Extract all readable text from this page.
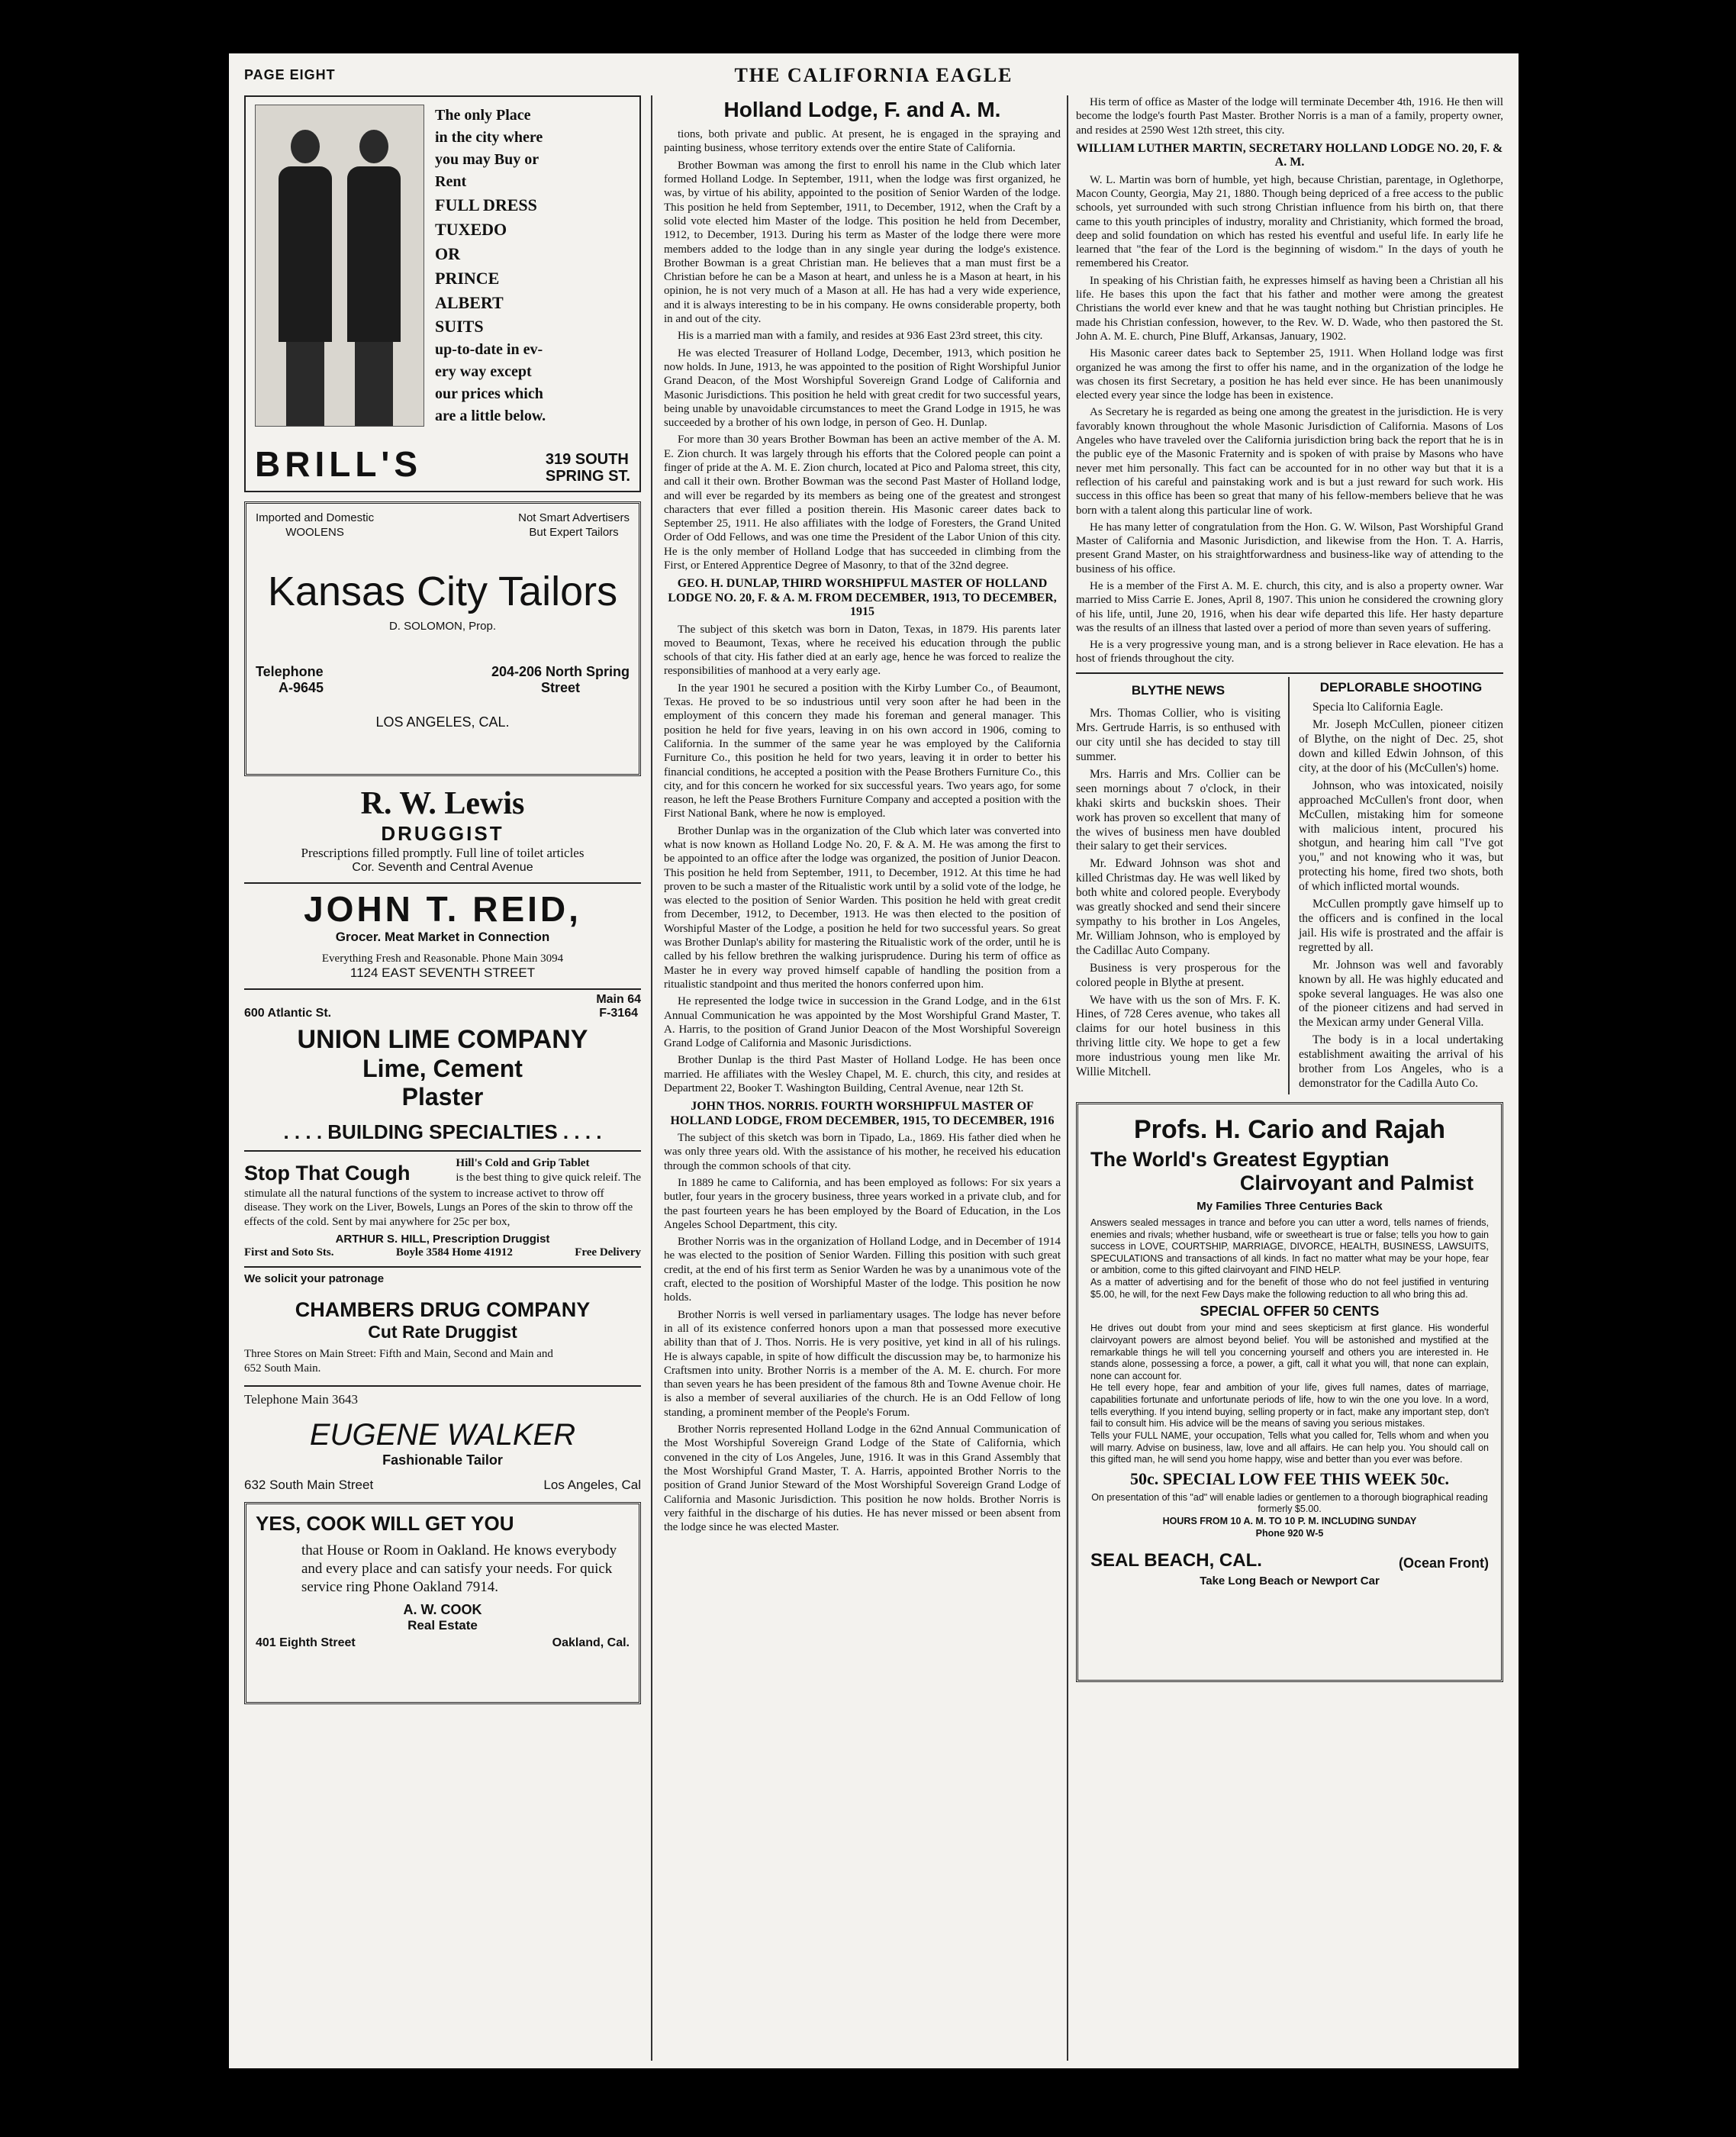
PAGE EIGHT	THE CALIFORNIA EAGLE
The only Place
in the city where
you may Buy or
Rent
FULL DRESS
TUXEDO
OR
PRINCE
ALBERT
SUITS
up-to-date in ev-
ery way except
our prices which
are a little below.
BRILL'S	319 SOUTH
SPRING ST.
Imported and Domestic
WOOLENS
Not Smart Advertisers
But Expert Tailors
Kansas City Tailors
D. SOLOMON, Prop.
Telephone
A-9645
204-206 North Spring
Street
LOS ANGELES, CAL.
R. W. Lewis
DRUGGIST
Prescriptions filled promptly. Full line of toilet articles
Cor. Seventh and Central Avenue
JOHN T. REID,
Grocer. Meat Market in Connection
Everything Fresh and Reasonable. Phone Main 3094
1124 EAST SEVENTH STREET
600 Atlantic St.
Main 64
F-3164
UNION LIME COMPANY
Lime, Cement
Plaster
. . . . BUILDING SPECIALTIES . . . .
Stop That Cough	Hill's Cold and Grip Tablet
is the best thing to give quick releif. The
stimulate all the natural functions of the system to increase activet to throw off disease. They work on the Liver, Bowels, Lungs an Pores of the skin to throw off the effects of the cold. Sent by mai anywhere for 25c per box,
ARTHUR S. HILL, Prescription Druggist
First and Soto Sts.	Boyle 3584 Home 41912	Free Delivery
We solicit your patronage
CHAMBERS DRUG COMPANY
Cut Rate Druggist
Three Stores on Main Street: Fifth and Main, Second and Main and
652 South Main.
Telephone Main 3643
EUGENE WALKER
Fashionable Tailor
632 South Main Street	Los Angeles, Cal
YES, COOK WILL GET YOU
that House or Room in Oakland. He knows everybody and every place and can satisfy your needs. For quick service ring Phone Oakland 7914.
A. W. COOK
Real Estate
401 Eighth Street	Oakland, Cal.
Holland Lodge, F. and A. M.

tions, both private and public. At present, he is engaged in the spraying and painting business, whose territory extends over the entire State of California.

Brother Bowman was among the first to enroll his name in the Club which later formed Holland Lodge. In September, 1911, when the lodge was first organized, he was, by virtue of his ability, appointed to the position of Senior Warden of the lodge. This position he held from September, 1911, to December, 1912, when the Craft by a solid vote elected him Master of the lodge. This position he held from December, 1912, to December, 1913. During his term as Master of the lodge there were more members added to the lodge than in any single year during the lodge's existence. Brother Bowman is a great Christian man. He believes that a man must first be a Christian before he can be a Mason at heart, and unless he is a Mason at heart, in his opinion, he is not very much of a Mason at all. He has had a very wide experience, and it is always interesting to be in his company. He owns considerable property, both in and out of the city.

His is a married man with a family, and resides at 936 East 23rd street, this city.

He was elected Treasurer of Holland Lodge, December, 1913, which position he now holds. In June, 1913, he was appointed to the position of Right Worshipful Junior Grand Deacon, of the Most Worshipful Sovereign Grand Lodge of California and Masonic Jurisdictions. This position he held with great credit for two successful years, being unable by unavoidable circumstances to meet the Grand Lodge in 1915, he was succeeded by a brother of his own lodge, in person of Geo. H. Dunlap.

For more than 30 years Brother Bowman has been an active member of the A. M. E. Zion church. It was largely through his efforts that the Colored people can point a finger of pride at the A. M. E. Zion church, located at Pico and Paloma street, this city, and call it their own. Brother Bowman was the second Past Master of Holland lodge, and will ever be regarded by its members as being one of the greatest and strongest characters that ever filled a position therein. His Masonic career dates back to September 25, 1911. He also affiliates with the lodge of Foresters, the Grand United Order of Odd Fellows, and was one time the President of the Labor Union of this city. He is the only member of Holland Lodge that has succeeded in climbing from the First, or Entered Apprentice Degree of Masonry, to that of the 32nd degree.

GEO. H. DUNLAP, THIRD WORSHIPFUL MASTER OF HOLLAND LODGE NO. 20, F. & A. M. FROM DECEMBER, 1913, TO DECEMBER, 1915

The subject of this sketch was born in Daton, Texas, in 1879. His parents later moved to Beaumont, Texas, where he received his education through the public schools of that city. His father died at an early age, hence he was forced to realize the responsibilities of manhood at a very early age.

In the year 1901 he secured a position with the Kirby Lumber Co., of Beaumont, Texas. He proved to be so industrious until very soon after he had been in the employment of this concern they made his foreman and general manager. This position he held for five years, leaving in on his own accord in 1906, coming to California. In the summer of the same year he was employed by the California Furniture Co., this position he held for two years, leaving it in order to better his financial conditions, he accepted a position with the Pease Brothers Furniture Co., this city, and for this concern he worked for six successful years. Two years ago, for some reason, he left the Pease Brothers Furniture Company and accepted a position with the First National Bank, where he now is employed.

Brother Dunlap was in the organization of the Club which later was converted into what is now known as Holland Lodge No. 20, F. & A. M. He was among the first to be appointed to an office after the lodge was organized, the position of Junior Deacon. This position he held from September, 1911, to December, 1912. At this time he had proven to be such a master of the Ritualistic work until by a solid vote of the lodge, he was elected to the position of Senior Warden. This position he held with great credit from December, 1912, to December, 1913. He was then elected to the position of Worshipful Master of the Lodge, a position he held for two successful years. So great was Brother Dunlap's ability for mastering the Ritualistic work of the order, until he is called by his fellow brethren the walking jurisprudence. During his term of office as Master he in every way proved himself capable of handling the position from a ritualistic standpoint and thus merited the honors conferred upon him.

He represented the lodge twice in succession in the Grand Lodge, and in the 61st Annual Communication he was appointed by the Most Worshipful Grand Master, T. A. Harris, to the position of Grand Junior Deacon of the Most Worshipful Sovereign Grand Lodge of California and Masonic Jurisdictions.

Brother Dunlap is the third Past Master of Holland Lodge. He has been once married. He affiliates with the Wesley Chapel, M. E. church, this city, and resides at Department 22, Booker T. Washington Building, Central Avenue, near 12th St.

JOHN THOS. NORRIS. FOURTH WORSHIPFUL MASTER OF HOLLAND LODGE, FROM DECEMBER, 1915, TO DECEMBER, 1916

The subject of this sketch was born in Tipado, La., 1869. His father died when he was only three years old. With the assistance of his mother, he received his education through the common schools of that city.

In 1889 he came to California, and has been employed as follows: For six years a butler, four years in the grocery business, three years worked in a private club, and for the past fourteen years he has been employed by the Board of Education, in the Los Angeles School Department, this city.

Brother Norris was in the organization of Holland Lodge, and in December of 1914 he was elected to the position of Senior Warden. Filling this position with such great credit, at the end of his first term as Senior Warden he was by a unanimous vote of the craft, elected to the position of Worshipful Master of the lodge. This position he now holds.

Brother Norris is well versed in parliamentary usages. The lodge has never before in all of its existence conferred honors upon a man that possessed more executive ability than that of J. Thos. Norris. He is very positive, yet kind in all of his rulings. He is always capable, in spite of how difficult the discussion may be, to harmonize his Craftsmen into unity. Brother Norris is a member of the A. M. E. church. For more than seven years he has been president of the famous 8th and Towne Avenue choir. He is also a member of several auxiliaries of the church. He is an Odd Fellow of long standing, a prominent member of the People's Forum.

Brother Norris represented Holland Lodge in the 62nd Annual Communication of the Most Worshipful Sovereign Grand Lodge of the State of California, which convened in the city of Los Angeles, June, 1916. It was in this Grand Assembly that the Most Worshipful Grand Master, T. A. Harris, appointed Brother Norris to the position of Grand Junior Steward of the Most Worshipful Sovereign Grand Lodge of California and Masonic Jurisdiction. This position he now holds. Brother Norris is very faithful in the discharge of his duties. He has never missed or been absent from the lodge since he was elected Master.

His term of office as Master of the lodge will terminate December 4th, 1916. He then will become the lodge's fourth Past Master. Brother Norris is a man of a family, property owner, and resides at 2590 West 12th street, this city.

WILLIAM LUTHER MARTIN, SECRETARY HOLLAND LODGE NO. 20, F. & A. M.

W. L. Martin was born of humble, yet high, because Christian, parentage, in Oglethorpe, Macon County, Georgia, May 21, 1880. Though being depriced of a free access to the public schools, yet surrounded with such strong Christian influence from his birth on, that there came to this youth principles of industry, morality and Christianity, which formed the broad, deep and solid foundation on which has rested his eventful and useful life. In early life he learned that "the fear of the Lord is the beginning of wisdom." In the days of youth he remembered his Creator.

In speaking of his Christian faith, he expresses himself as having been a Christian all his life. He bases this upon the fact that his father and mother were among the greatest Christians the world ever knew and that he was taught nothing but Christian principles. He made his Christian confession, however, to the Rev. W. D. Wade, who then pastored the St. John A. M. E. church, Pine Bluff, Arkansas, January, 1902.

His Masonic career dates back to September 25, 1911. When Holland lodge was first organized he was among the first to offer his name, and in the organization of the lodge he was chosen its first Secretary, a position he has held ever since. He has been unanimously elected every year since the lodge has been in existence.

As Secretary he is regarded as being one among the greatest in the jurisdiction. He is very favorably known throughout the whole Masonic Jurisdiction of California. Masons of Los Angeles who have traveled over the California jurisdiction bring back the report that he is in the public eye of the Masonic Fraternity and is spoken of with praise by Masons who have never met him personally. This fact can be accounted for in no other way but that it is a reflection of his careful and painstaking work and is but a just reward for such work. His success in this office has been so great that many of his fellow-members believe that he was born with a talent along this particular line of work.

He has many letter of congratulation from the Hon. G. W. Wilson, Past Worshipful Grand Master of California and Masonic Jurisdiction, and likewise from the Hon. T. A. Harris, present Grand Master, on his straightforwardness and business-like way of attending to the business of his office.

He is a member of the First A. M. E. church, this city, and is also a property owner. War married to Miss Carrie E. Jones, April 8, 1907. This union he considered the crowning glory of his life, until, June 20, 1916, when his dear wife departed this life. Her hasty departure was the results of an illness that lasted over a period of more than seven years of suffering.

He is a very progressive young man, and is a strong believer in Race elevation. He has a host of friends throughout the city.

BLYTHE NEWS

Mrs. Thomas Collier, who is visiting Mrs. Gertrude Harris, is so enthused with our city until she has decided to stay till summer.

Mrs. Harris and Mrs. Collier can be seen mornings about 7 o'clock, in their khaki skirts and buckskin shoes. Their work has proven so excellent that many of the wives of business men have doubled their salary to get their services.

Mr. Edward Johnson was shot and killed Christmas day. He was well liked by both white and colored people. Everybody was greatly shocked and send their sincere sympathy to his brother in Los Angeles, Mr. William Johnson, who is employed by the Cadillac Auto Company.

Business is very prosperous for the colored people in Blythe at present.

We have with us the son of Mrs. F. K. Hines, of 728 Ceres avenue, who takes all claims for our hotel business in this thriving little city. We hope to get a few more industrious young men like Mr. Willie Mitchell.

DEPLORABLE SHOOTING

Specia lto California Eagle.

Mr. Joseph McCullen, pioneer citizen of Blythe, on the night of Dec. 25, shot down and killed Edwin Johnson, of this city, at the door of his (McCullen's) home.

Johnson, who was intoxicated, noisily approached McCullen's front door, when McCullen, mistaking him for someone with malicious intent, procured his shotgun, and hearing him call "I've got you," and not knowing who it was, but protecting his home, fired two shots, both of which inflicted mortal wounds.

McCullen promptly gave himself up to the officers and is confined in the local jail. His wife is prostrated and the affair is regretted by all.

Mr. Johnson was well and favorably known by all. He was highly educated and spoke several languages. He was also one of the pioneer citizens and had served in the Mexican army under General Villa.

The body is in a local undertaking establishment awaiting the arrival of his brother from Los Angeles, who is a demonstrator for the Cadilla Auto Co.

Profs. H. Cario and Rajah
The World's Greatest Egyptian
Clairvoyant and Palmist
My Families Three Centuries Back
Answers sealed messages in trance and before you can utter a word, tells names of friends, enemies and rivals; whether husband, wife or sweetheart is true or false; tells you how to gain success in LOVE, COURTSHIP, MARRIAGE, DIVORCE, HEALTH, BUSINESS, LAWSUITS, SPECULATIONS and transactions of all kinds. In fact no matter what may be your hope, fear or ambition, come to this gifted clairvoyant and FIND HELP.
As a matter of advertising and for the benefit of those who do not feel justified in venturing $5.00, he will, for the next Few Days make the following reduction to all who bring this ad.
SPECIAL OFFER 50 CENTS
He drives out doubt from your mind and sees skepticism at first glance. His wonderful clairvoyant powers are almost beyond belief. You will be astonished and mystified at the remarkable things he will tell you concerning yourself and others you are interested in. He stands alone, possessing a force, a power, a gift, call it what you will, that none can explain, none can account for.
He tell every hope, fear and ambition of your life, gives full names, dates of marriage, capabilities fortunate and unfortunate periods of life, how to win the one you love. In a word, tells everything. If you intend buying, selling property or in fact, make any important step, don't fail to consult him. His advice will be the means of saving you serious mistakes.
Tells your FULL NAME, your occupation, Tells what you called for, Tells whom and when you will marry. Advise on business, law, love and all affairs. He can help you. You should call on this gifted man, he will send you home happy, wise and better than you ever was before.
50c. SPECIAL LOW FEE THIS WEEK 50c.
On presentation of this "ad" will enable ladies or gentlemen to a thorough biographical reading formerly $5.00.
HOURS FROM 10 A. M. TO 10 P. M. INCLUDING SUNDAY
Phone 920 W-5
SEAL BEACH, CAL.	(Ocean Front)
Take Long Beach or Newport Car
